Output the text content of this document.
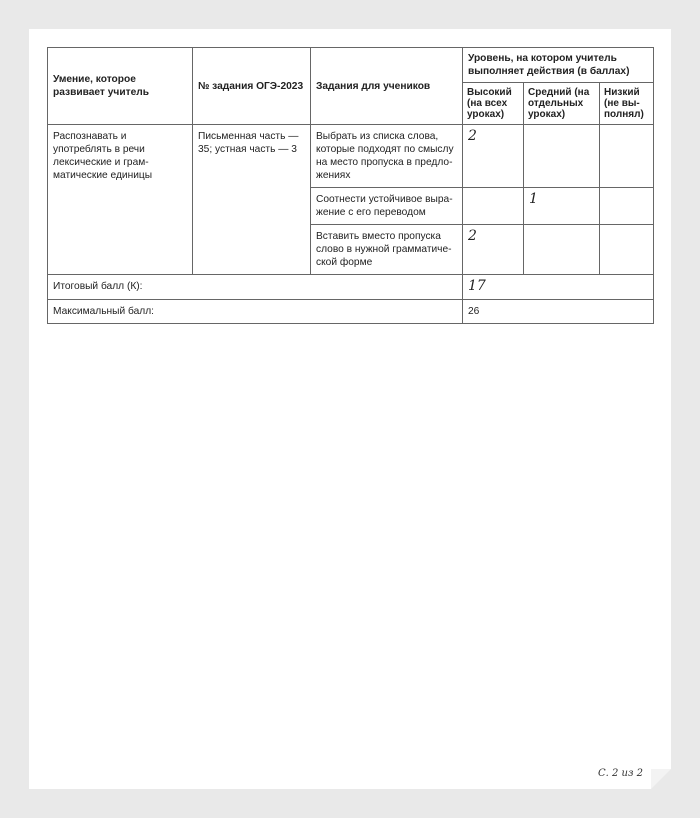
Умение, которое развивает учитель	№ задания ОГЭ-2023	Задания для учеников	Уровень, на котором учитель выполняет действия (в баллах)		
			Высокий (на всех уроках)	Средний (на отдельных уроках)	Низкий (не вы-полнял)
Распознавать и употреблять в речи лексические и грам-матические единицы	Письменная часть — 35; устная часть — 3	Выбрать из списка слова, которые подходят по смыслу на место пропуска в предло-жениях	2		
		Соотнести устойчивое выра-жение с его переводом		1	
		Вставить вместо пропуска слово в нужной грамматиче-ской форме	2		
Итоговый балл (К):			17		
Максимальный балл:			26		
С. 2 из 2
